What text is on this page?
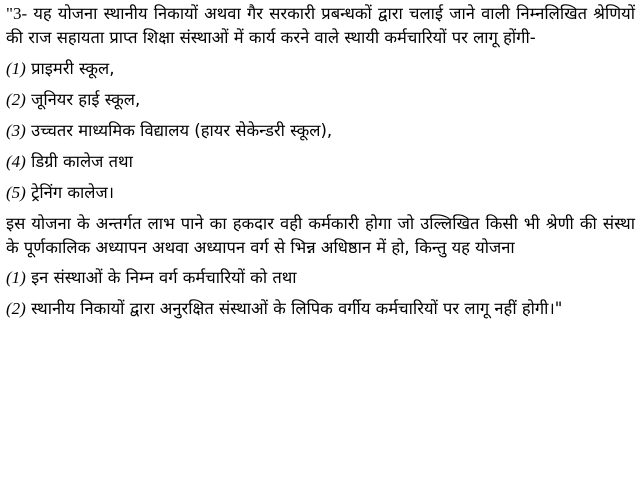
"3- यह योजना स्थानीय निकायों अथवा गैर सरकारी प्रबन्धकों द्वारा चलाई जाने वाली निम्नलिखित श्रेणियों की राज सहायता प्राप्त शिक्षा संस्थाओं में कार्य करने वाले स्थायी कर्मचारियों पर लागू होंगी-

(1) प्राइमरी स्कूल,

(2) जूनियर हाई स्कूल,

(3) उच्चतर माध्यमिक विद्यालय (हायर सेकेन्डरी स्कूल),

(4) डिग्री कालेज तथा

(5) ट्रेनिंग कालेज।

इस योजना के अन्तर्गत लाभ पाने का हकदार वही कर्मकारी होगा जो उल्लिखित किसी भी श्रेणी की संस्था के पूर्णकालिक अध्यापन अथवा अध्यापन वर्ग से भिन्न अधिष्ठान में हो, किन्तु यह योजना

(1) इन संस्थाओं के निम्न वर्ग कर्मचारियों को तथा

(2) स्थानीय निकायों द्वारा अनुरक्षित संस्थाओं के लिपिक वर्गीय कर्मचारियों पर लागू नहीं होगी।"
